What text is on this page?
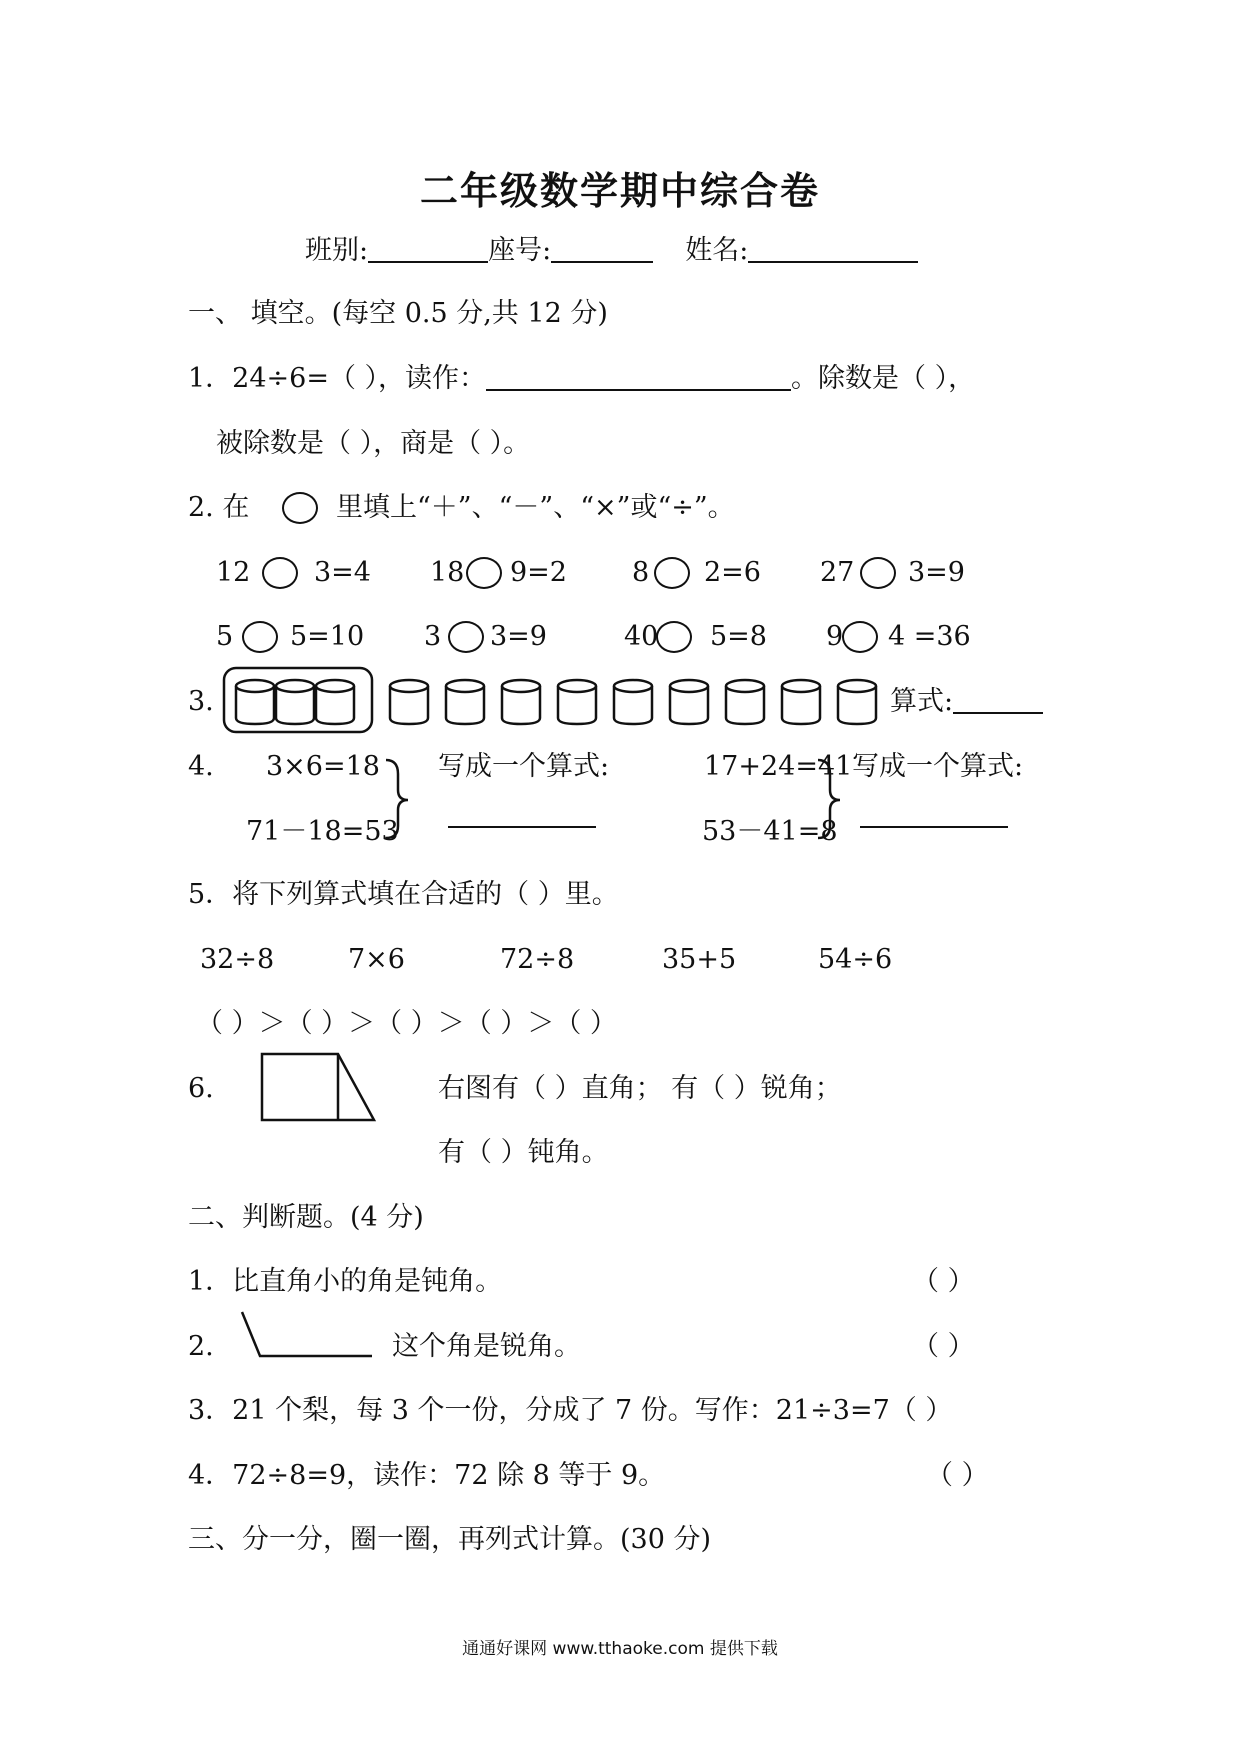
二年级数学期中综合卷
班别:	座号:	姓名:
一、 填空。(每空 0.5 分,共 12 分)
1．24÷6=（ ），读作：	。除数是（ ），
被除数是（ ），商是（ ）。
2. 在	里填上“＋”、“－”、“×”或“÷”。
12 3=4 18 9=2 8 2=6 27 3=9
5 5=10 3 3=9	40 5=8 9 4 =36
3.	算式:
4. 3×6=18
71－18=53
写成一个算式:	17+24=41
53－41=8
写成一个算式:
5．将下列算式填在合适的（ ）里。
32÷8	7×6	72÷8	35+5	54÷6
（ ）＞（ ）＞（ ）＞（ ）＞（ ）
6.	右图有（ ）直角； 有（ ）锐角；
有（ ）钝角。
二、判断题。(4 分)
1．比直角小的角是钝角。	（ ）
2.	这个角是锐角。	（ ）
3．21 个梨，每 3 个一份，分成了 7 份。写作：21÷3=7（ ）
4．72÷8=9，读作：72 除 8 等于 9。	（ ）
三、分一分，圈一圈，再列式计算。(30 分)
通通好课网 www.tthaoke.com 提供下载
